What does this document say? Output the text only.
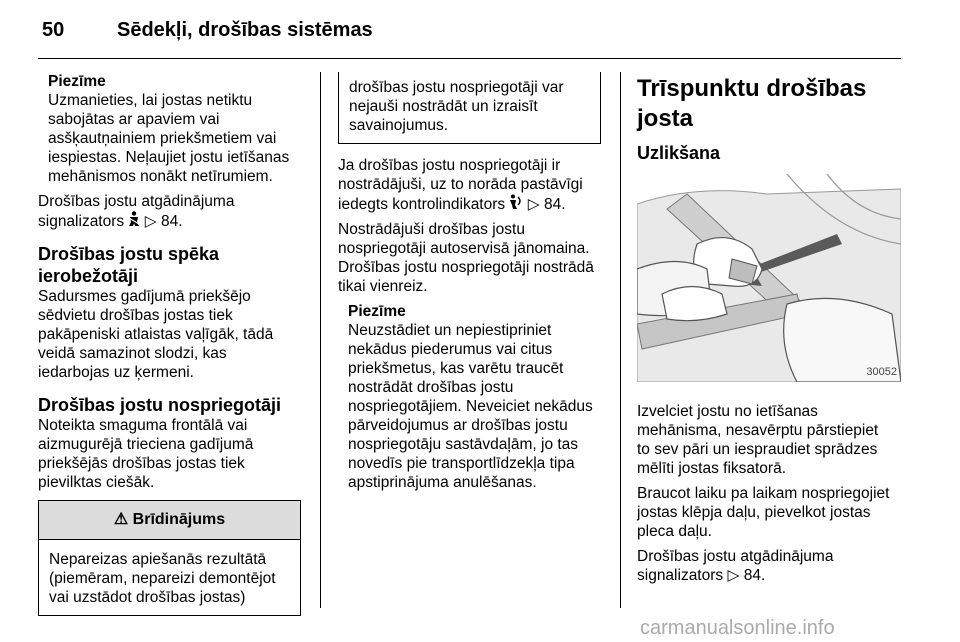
50	Sēdekļi, drošības sistēmas

Piezīme

Uzmanieties, lai jostas netiktu

sabojātas ar apaviem vai

asšķautņainiem priekšmetiem vai

iespiestas. Neļaujiet jostu ietīšanas

mehānismos nonākt netīrumiem.

Drošības jostu atgādinājuma

signalizators ▷ 84.

Drošības jostu spēka
ierobežotāji

Sadursmes gadījumā priekšējo

sēdvietu drošības jostas tiek

pakāpeniski atlaistas vaļīgāk, tādā

veidā samazinot slodzi, kas

iedarbojas uz ķermeni.

Drošības jostu nospriegotāji

Noteikta smaguma frontālā vai

aizmugurējā trieciena gadījumā

priekšējās drošības jostas tiek

pievilktas ciešāk.

⚠ Brīdinājums

Nepareizas apiešanās rezultātā

(piemēram, nepareizi demontējot

vai uzstādot drošības jostas)

drošības jostu nospriegotāji var

nejauši nostrādāt un izraisīt

savainojumus.

Ja drošības jostu nospriegotāji ir

nostrādājuši, uz to norāda pastāvīgi

iedegts kontrolindikators ▷ 84.

Nostrādājuši drošības jostu

nospriegotāji autoservisā jānomaina.

Drošības jostu nospriegotāji nostrādā

tikai vienreiz.

Piezīme

Neuzstādiet un nepiestipriniet

nekādus piederumus vai citus

priekšmetus, kas varētu traucēt

nostrādāt drošības jostu

nospriegotājiem. Neveiciet nekādus

pārveidojumus ar drošības jostu

nospriegotāju sastāvdaļām, jo tas

novedīs pie transportlīdzekļa tipa

apstiprinājuma anulēšanas.

Trīspunktu drošības josta
Uzlikšana
30052

Izvelciet jostu no ietīšanas

mehānisma, nesavērptu pārstiepiet

to sev pāri un iespraudiet sprādzes

mēlīti jostas fiksatorā.

Braucot laiku pa laikam nospriegojiet

jostas klēpja daļu, pievelkot jostas

pleca daļu.

Drošības jostu atgādinājuma

signalizators ▷ 84.

carmanualsonline.info
